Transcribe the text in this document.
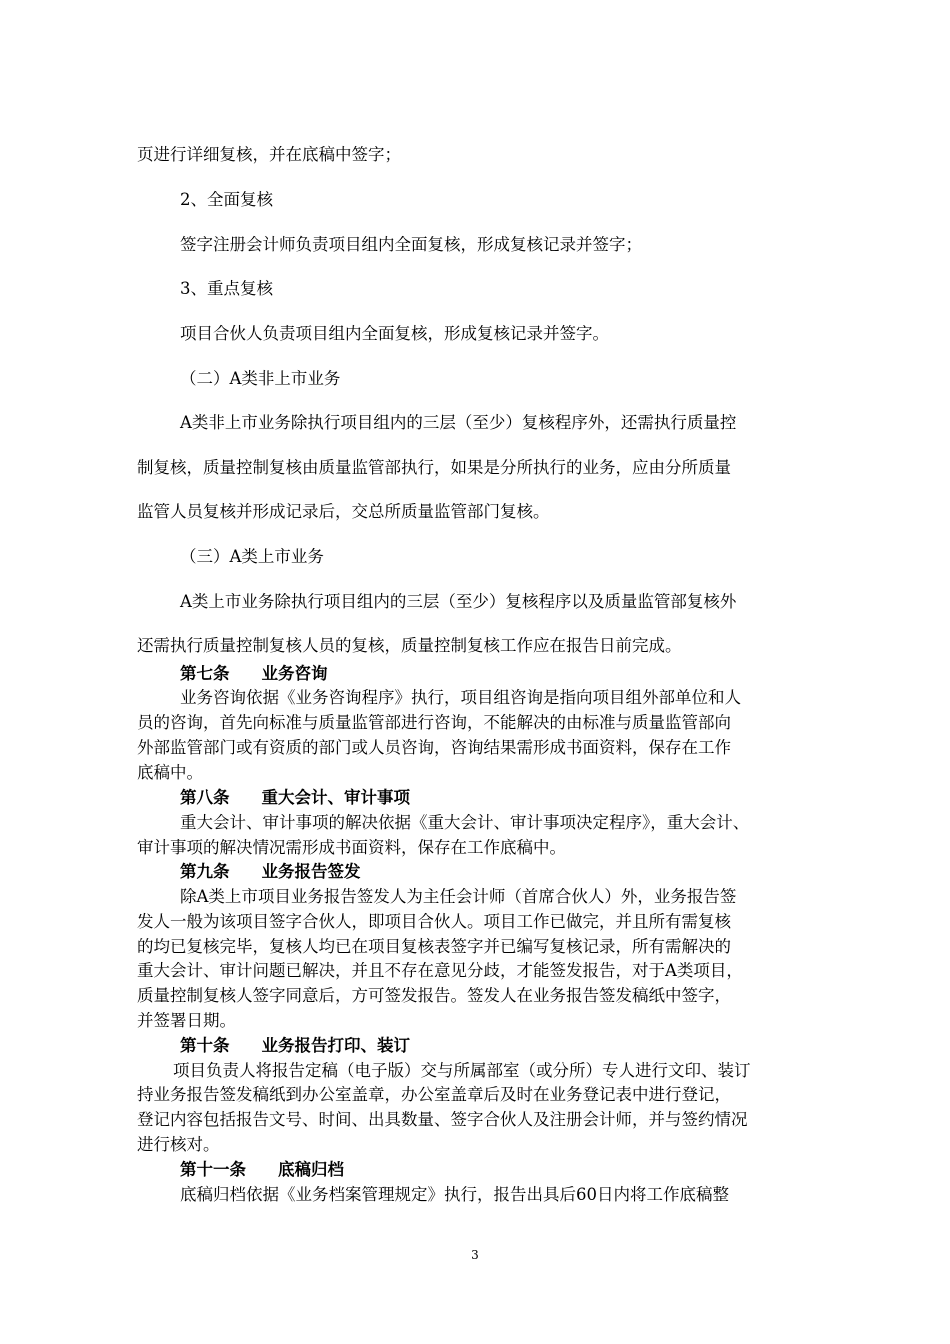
页进行详细复核，并在底稿中签字；
2、全面复核
签字注册会计师负责项目组内全面复核，形成复核记录并签字；
3、重点复核
项目合伙人负责项目组内全面复核，形成复核记录并签字。
（二）A类非上市业务
A类非上市业务除执行项目组内的三层（至少）复核程序外，还需执行质量控
制复核，质量控制复核由质量监管部执行，如果是分所执行的业务，应由分所质量
监管人员复核并形成记录后，交总所质量监管部门复核。
（三）A类上市业务
A类上市业务除执行项目组内的三层（至少）复核程序以及质量监管部复核外
还需执行质量控制复核人员的复核，质量控制复核工作应在报告日前完成。
第七条 业务咨询
业务咨询依据《业务咨询程序》执行，项目组咨询是指向项目组外部单位和人
员的咨询，首先向标准与质量监管部进行咨询，不能解决的由标准与质量监管部向
外部监管部门或有资质的部门或人员咨询，咨询结果需形成书面资料，保存在工作
底稿中。
第八条 重大会计、审计事项
重大会计、审计事项的解决依据《重大会计、审计事项决定程序》，重大会计、
审计事项的解决情况需形成书面资料，保存在工作底稿中。
第九条 业务报告签发
除A类上市项目业务报告签发人为主任会计师（首席合伙人）外，业务报告签
发人一般为该项目签字合伙人，即项目合伙人。项目工作已做完，并且所有需复核
的均已复核完毕，复核人均已在项目复核表签字并已编写复核记录，所有需解决的
重大会计、审计问题已解决，并且不存在意见分歧，才能签发报告，对于A类项目，
质量控制复核人签字同意后，方可签发报告。签发人在业务报告签发稿纸中签字，
并签署日期。
第十条 业务报告打印、装订
项目负责人将报告定稿（电子版）交与所属部室（或分所）专人进行文印、装订
持业务报告签发稿纸到办公室盖章，办公室盖章后及时在业务登记表中进行登记，
登记内容包括报告文号、时间、出具数量、签字合伙人及注册会计师，并与签约情况
进行核对。
第十一条 底稿归档
底稿归档依据《业务档案管理规定》执行，报告出具后60日内将工作底稿整
3
